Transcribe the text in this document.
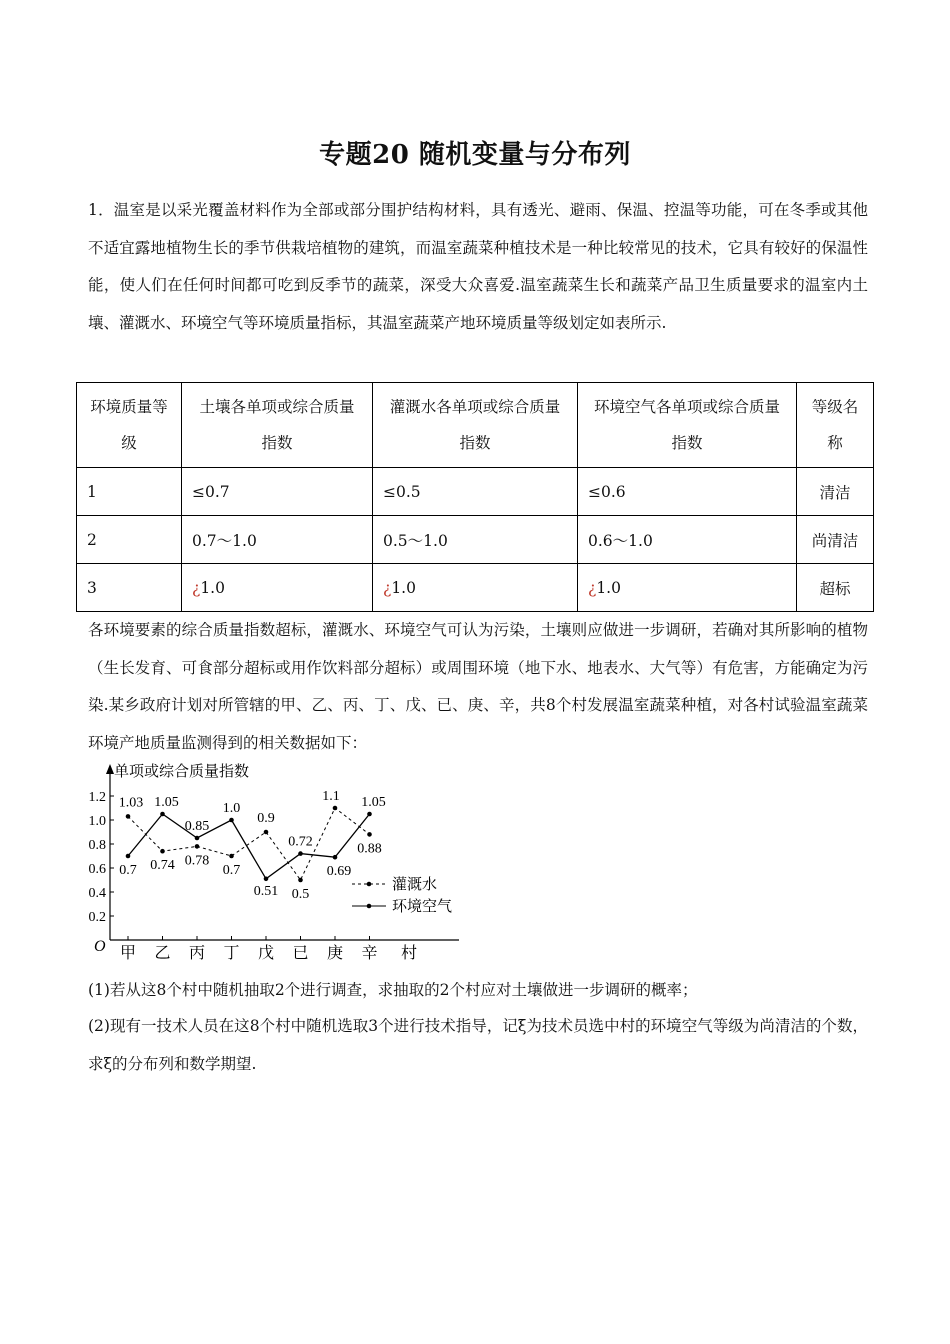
专题20 随机变量与分布列
1．温室是以采光覆盖材料作为全部或部分围护结构材料，具有透光、避雨、保温、控温等功能，可在冬季或其他不适宜露地植物生长的季节供栽培植物的建筑，而温室蔬菜种植技术是一种比较常见的技术，它具有较好的保温性能，使人们在任何时间都可吃到反季节的蔬菜，深受大众喜爱.温室蔬菜生长和蔬菜产品卫生质量要求的温室内土壤、灌溉水、环境空气等环境质量指标，其温室蔬菜产地环境质量等级划定如表所示.
环境质量等级	土壤各单项或综合质量指数	灌溉水各单项或综合质量指数	环境空气各单项或综合质量指数	等级名称
1	≤0.7	≤0.5	≤0.6	清洁
2	0.7～1.0	0.5～1.0	0.6～1.0	尚清洁
3	¿1.0	¿1.0	¿1.0	超标
各环境要素的综合质量指数超标，灌溉水、环境空气可认为污染，土壤则应做进一步调研，若确对其所影响的植物（生长发育、可食部分超标或用作饮料部分超标）或周围环境（地下水、地表水、大气等）有危害，方能确定为污染.某乡政府计划对所管辖的甲、乙、丙、丁、戊、已、庚、辛，共8个村发展温室蔬菜种植，对各村试验温室蔬菜环境产地质量监测得到的相关数据如下：
单项或综合质量指数
O
0.2
0.4
0.6
0.8
1.0
1.2
甲 乙 丙 丁 戊 已 庚 辛 村
1.03
0.74 0.78
0.7
0.9
0.5
1.1
0.88
0.7
1.05
0.85
1.0
0.51
0.72
0.69
1.05
灌溉水
环境空气
(1)若从这8个村中随机抽取2个进行调查，求抽取的2个村应对土壤做进一步调研的概率；
(2)现有一技术人员在这8个村中随机选取3个进行技术指导，记ξ为技术员选中村的环境空气等级为尚清洁的个数，求ξ的分布列和数学期望.
